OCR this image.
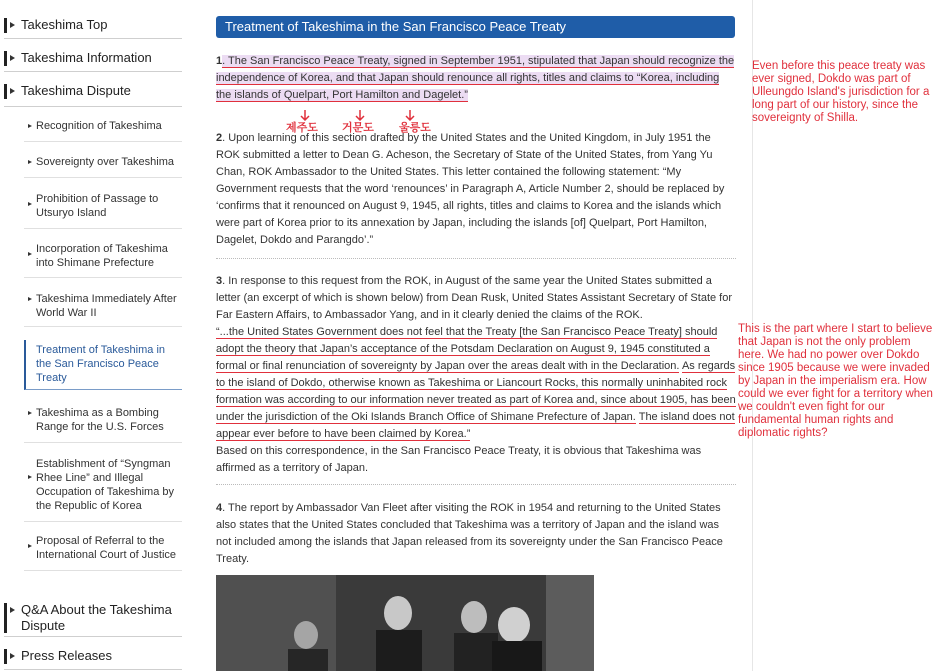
Takeshima Top
Takeshima Information
Takeshima Dispute
Recognition of Takeshima
Sovereignty over Takeshima
Prohibition of Passage to Utsuryo Island
Incorporation of Takeshima into Shimane Prefecture
Takeshima Immediately After World War II
Treatment of Takeshima in the San Francisco Peace Treaty
Takeshima as a Bombing Range for the U.S. Forces
Establishment of “Syngman Rhee Line” and Illegal Occupation of Takeshima by the Republic of Korea
Proposal of Referral to the International Court of Justice
Q&A About the Takeshima Dispute
Press Releases
Treatment of Takeshima in the San Francisco Peace Treaty
1. The San Francisco Peace Treaty, signed in September 1951, stipulated that Japan should recognize the independence of Korea, and that Japan should renounce all rights, titles and claims to “Korea, including the islands of Quelpart, Port Hamilton and Dagelet.”
제주도 거문도 울릉도
2. Upon learning of this section drafted by the United States and the United Kingdom, in July 1951 the ROK submitted a letter to Dean G. Acheson, the Secretary of State of the United States, from Yang Yu Chan, ROK Ambassador to the United States. This letter contained the following statement: “My Government requests that the word ‘renounces’ in Paragraph A, Article Number 2, should be replaced by ‘confirms that it renounced on August 9, 1945, all rights, titles and claims to Korea and the islands which were part of Korea prior to its annexation by Japan, including the islands [of] Quelpart, Port Hamilton, Dagelet, Dokdo and Parangdo’.”
3. In response to this request from the ROK, in August of the same year the United States submitted a letter (an excerpt of which is shown below) from Dean Rusk, United States Assistant Secretary of State for Far Eastern Affairs, to Ambassador Yang, and in it clearly denied the claims of the ROK.
“...the United States Government does not feel that the Treaty [the San Francisco Peace Treaty] should adopt the theory that Japan’s acceptance of the Potsdam Declaration on August 9, 1945 constituted a formal or final renunciation of sovereignty by Japan over the areas dealt with in the Declaration. As regards to the island of Dokdo, otherwise known as Takeshima or Liancourt Rocks, this normally uninhabited rock formation was according to our information never treated as part of Korea and, since about 1905, has been under the jurisdiction of the Oki Islands Branch Office of Shimane Prefecture of Japan. The island does not appear ever before to have been claimed by Korea.”
Based on this correspondence, in the San Francisco Peace Treaty, it is obvious that Takeshima was affirmed as a territory of Japan.
4. The report by Ambassador Van Fleet after visiting the ROK in 1954 and returning to the United States also states that the United States concluded that Takeshima was a territory of Japan and the island was not included among the islands that Japan released from its sovereignty under the San Francisco Peace Treaty.
Even before this peace treaty was ever signed, Dokdo was part of Ulleungdo Island's jurisdiction for a long part of our history, since the sovereignty of Shilla.
This is the part where I start to believe that Japan is not the only problem here. We had no power over Dokdo since 1905 because we were invaded by Japan in the imperialism era. How could we ever fight for a territory when we couldn't even fight for our fundamental human rights and diplomatic rights?
